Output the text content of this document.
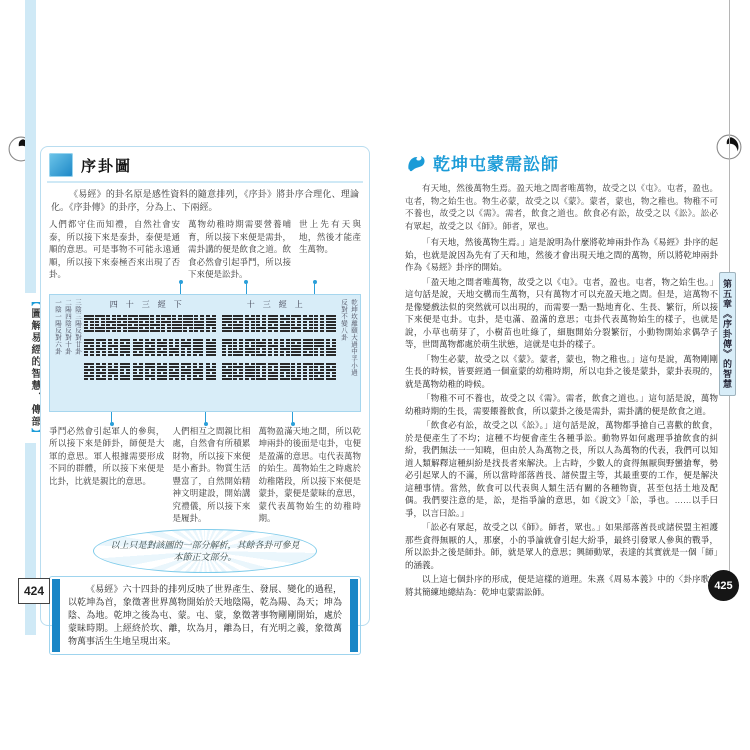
【圖解易經的智慧．傳部】
序卦圖

《易經》的卦名原是感性資料的隨意排列，《序卦》將卦序合理化、理論化。《序卦傳》的卦序，分為上、下兩經。

人們都守住而知禮，自然社會安泰，所以接下來是泰卦，泰便是通順的意思。可是事物不可能永遠通順，所以接下來泰極否來出現了否卦。
萬物幼稚時期需要營養哺育，所以接下來便是需卦，需卦講的便是飲食之道。飲食必然會引起爭鬥，所以接下來便是訟卦。
世上先有天與地，然後才能產生萬物。
一陰一陽反對六卦 二陽四陰反對十卦 三陰三陽反對廿卦	四十三經下	十三經上	反對不變八卦 乾坤坎離頤大過中孚小過
爭鬥必然會引起軍人的參與，所以接下來是師卦，師便是大軍的意思。軍人根據需要形成不同的群體，所以接下來便是比卦，比就是親比的意思。
人們相互之間親比相處，自然會有所積累財物，所以接下來便是小畜卦。物質生活豐富了，自然開始精神文明建設，開始講究禮儀，所以接下來是履卦。
萬物盈滿天地之間，所以乾坤兩卦的後面是屯卦，屯便是盈滿的意思。屯代表萬物的始生。萬物始生之時處於幼稚階段，所以接下來便是蒙卦，蒙便是蒙昧的意思，蒙代表萬物始生的幼稚時期。
以上只是對該圖的一部分解析，其餘各卦可參見本節正文部分。
《易經》六十四卦的排列反映了世界產生、發展、變化的過程，以乾坤為首，象徵著世界萬物開始於天地陰陽，乾為陽、為天；坤為陰、為地。乾坤之後為屯、蒙。屯、蒙，象徵著事物剛剛開始，處於蒙昧時期。上經終於坎、離，坎為月，離為日，有光明之義，象徵萬物萬事活生生地呈現出來。
424
第五章《序卦傳》的智慧
425
乾坤屯蒙需訟師

有天地，然後萬物生焉。盈天地之間者唯萬物，故受之以《屯》。屯者，盈也。屯者，物之始生也。物生必蒙，故受之以《蒙》。蒙者，蒙也，物之稚也。物稚不可不養也，故受之以《需》。需者，飲食之道也。飲食必有訟，故受之以《訟》。訟必有眾起，故受之以《師》。師者，眾也。

「有天地，然後萬物生焉。」這是說明為什麼將乾坤兩卦作為《易經》卦序的起始，也就是說因為先有了天和地，然後才會出現天地之間的萬物，所以將乾坤兩卦作為《易經》卦序的開始。

「盈天地之間者唯萬物，故受之以《屯》。屯者，盈也。屯者，物之始生也。」這句話是說，天地交構而生萬物，只有萬物才可以充盈天地之間。但是，這萬物不是像變戲法似的突然就可以出現的，而需要一點一點地育化、生長、繁衍，所以接下來便是屯卦。屯卦，是屯滿、盈滿的意思；屯卦代表萬物始生的樣子，也就是說，小草也萌芽了，小樹苗也吐綠了，細胞開始分裂繁衍，小動物開始求偶孕子等，世間萬物都處於萌生狀態，這就是屯卦的樣子。

「物生必蒙，故受之以《蒙》。蒙者，蒙也，物之稚也。」這句是說，萬物剛剛生長的時候，皆要經過一個童蒙的幼稚時期，所以屯卦之後是蒙卦，蒙卦表現的，就是萬物幼稚的時候。

「物稚不可不養也，故受之以《需》。需者，飲食之道也。」這句話是說，萬物幼稚時期的生長，需要餵養飲食，所以蒙卦之後是需卦，需卦講的便是飲食之道。

「飲食必有訟，故受之以《訟》。」這句話是說，萬物都爭搶自己喜歡的飲食，於是便產生了不均；這種不均便會產生各種爭訟。動物界如何處理爭搶飲食的糾紛，我們無法一一知曉，但由於人為萬物之長，所以人為萬物的代表，我們可以知道人類解釋這種糾紛是找長者來解決。上古時，少數人的貪得無厭與野蠻搶奪，勢必引起眾人的不滿，所以當時部落酋長、諸侯盟主等，其最重要的工作，便是解決這種事情。當然，飲食可以代表與人類生活有關的各種物資，甚至包括土地及配偶。我們要注意的是，訟，是指爭論的意思，如《說文》「訟，爭也。……以手曰爭，以言曰訟。」

「訟必有眾起，故受之以《師》。師者，眾也。」如果部落酋長或諸侯盟主袒護那些貪得無厭的人，那麼，小的爭論就會引起大紛爭，最終引發眾人參與的戰爭，所以訟卦之後是師卦。師，就是眾人的意思；興師動眾，表達的其實就是一個「師」的涵義。

以上這七個卦序的形成，便是這樣的道理。朱熹《周易本義》中的〈卦序歌〉將其簡練地總結為：乾坤屯蒙需訟師。
